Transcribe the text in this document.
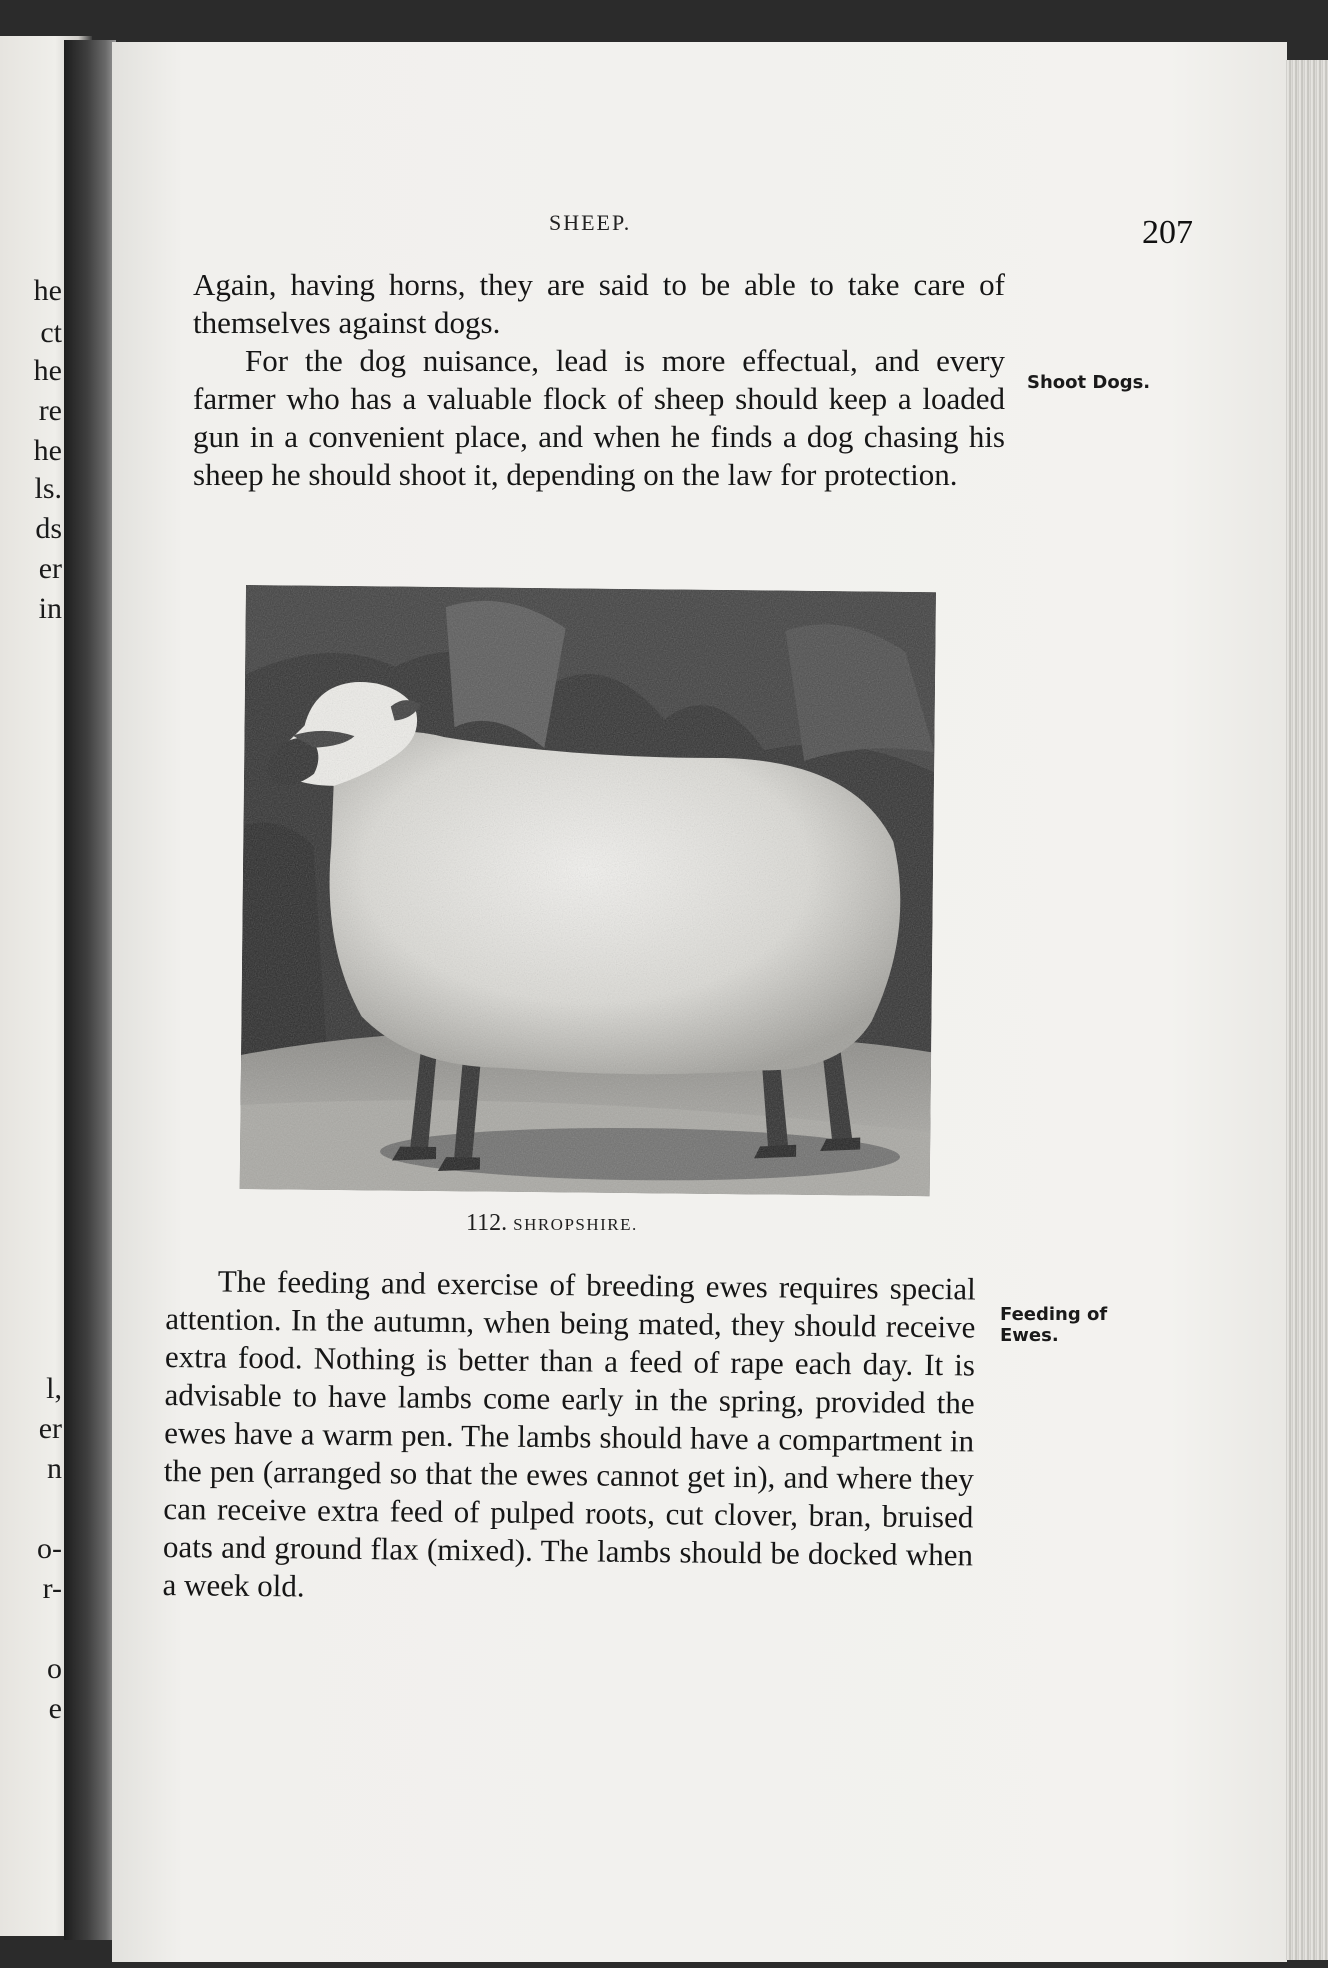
he
ct
he
re
he
ls.
ds
er
in
l,
er
n
o-
r-
o
e
SHEEP.	207

Again, having horns, they are said to be able to take care of themselves against dogs.

For the dog nuisance, lead is more effectual, and every farmer who has a valuable flock of sheep should keep a loaded gun in a convenient place, and when he finds a dog chasing his sheep he should shoot it, depending on the law for protection.

Shoot Dogs.
112. SHROPSHIRE.

The feeding and exercise of breeding ewes requires special attention. In the autumn, when being mated, they should receive extra food. Nothing is better than a feed of rape each day. It is advisable to have lambs come early in the spring, provided the ewes have a warm pen. The lambs should have a compartment in the pen (arranged so that the ewes cannot get in), and where they can receive extra feed of pulped roots, cut clover, bran, bruised oats and ground flax (mixed). The lambs should be docked when a week old.

Feeding of Ewes.
